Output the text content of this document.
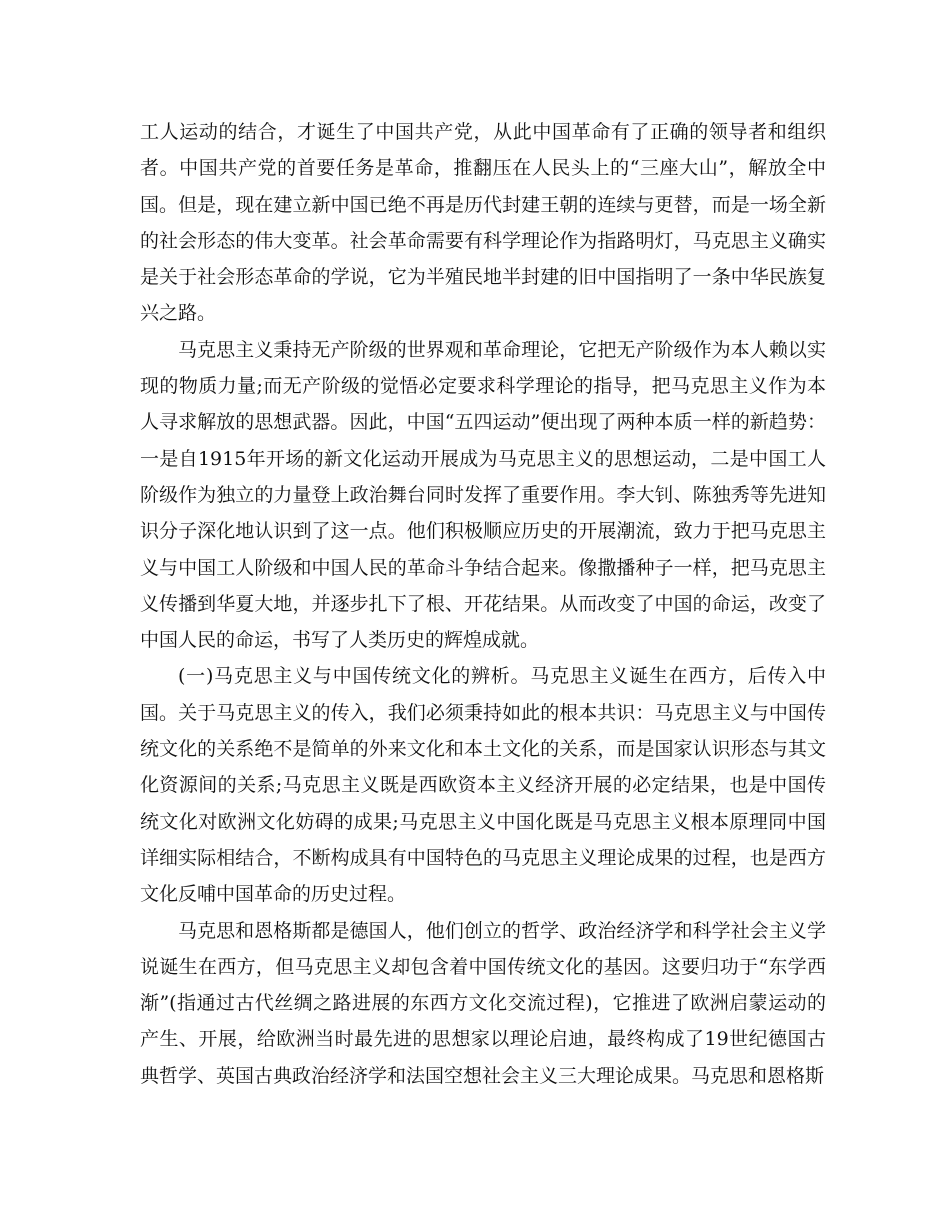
工人运动的结合，才诞生了中国共产党，从此中国革命有了正确的领导者和组织者。中国共产党的首要任务是革命，推翻压在人民头上的“三座大山”，解放全中国。但是，现在建立新中国已绝不再是历代封建王朝的连续与更替，而是一场全新的社会形态的伟大变革。社会革命需要有科学理论作为指路明灯，马克思主义确实是关于社会形态革命的学说，它为半殖民地半封建的旧中国指明了一条中华民族复兴之路。

马克思主义秉持无产阶级的世界观和革命理论，它把无产阶级作为本人赖以实现的物质力量;而无产阶级的觉悟必定要求科学理论的指导，把马克思主义作为本人寻求解放的思想武器。因此，中国“五四运动”便出现了两种本质一样的新趋势：一是自1915年开场的新文化运动开展成为马克思主义的思想运动，二是中国工人阶级作为独立的力量登上政治舞台同时发挥了重要作用。李大钊、陈独秀等先进知识分子深化地认识到了这一点。他们积极顺应历史的开展潮流，致力于把马克思主义与中国工人阶级和中国人民的革命斗争结合起来。像撒播种子一样，把马克思主义传播到华夏大地，并逐步扎下了根、开花结果。从而改变了中国的命运，改变了中国人民的命运，书写了人类历史的辉煌成就。

(一)马克思主义与中国传统文化的辨析。马克思主义诞生在西方，后传入中国。关于马克思主义的传入，我们必须秉持如此的根本共识：马克思主义与中国传统文化的关系绝不是简单的外来文化和本土文化的关系，而是国家认识形态与其文化资源间的关系;马克思主义既是西欧资本主义经济开展的必定结果，也是中国传统文化对欧洲文化妨碍的成果;马克思主义中国化既是马克思主义根本原理同中国详细实际相结合，不断构成具有中国特色的马克思主义理论成果的过程，也是西方文化反哺中国革命的历史过程。

马克思和恩格斯都是德国人，他们创立的哲学、政治经济学和科学社会主义学说诞生在西方，但马克思主义却包含着中国传统文化的基因。这要归功于“东学西渐”(指通过古代丝绸之路进展的东西方文化交流过程)，它推进了欧洲启蒙运动的产生、开展，给欧洲当时最先进的思想家以理论启迪，最终构成了19世纪德国古典哲学、英国古典政治经济学和法国空想社会主义三大理论成果。马克思和恩格斯
